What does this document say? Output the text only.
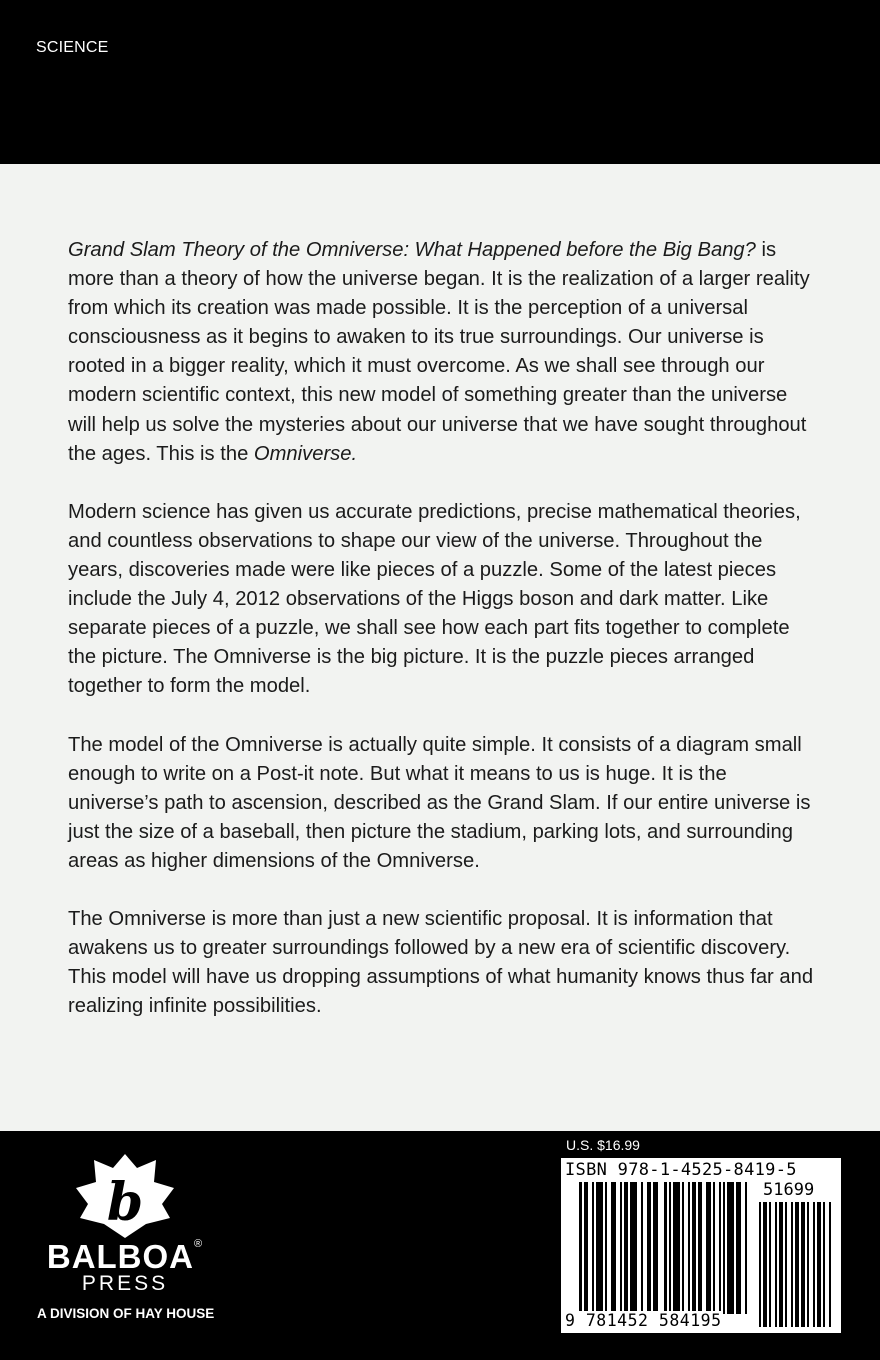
SCIENCE

Grand Slam Theory of the Omniverse: What Happened before the Big Bang? is more than a theory of how the universe began. It is the realization of a larger reality from which its creation was made possible. It is the perception of a universal consciousness as it begins to awaken to its true surroundings. Our universe is rooted in a bigger reality, which it must overcome. As we shall see through our modern scientific context, this new model of something greater than the universe will help us solve the mysteries about our universe that we have sought throughout the ages. This is the Omniverse.

Modern science has given us accurate predictions, precise mathematical theories, and countless observations to shape our view of the universe. Throughout the years, discoveries made were like pieces of a puzzle. Some of the latest pieces include the July 4, 2012 observations of the Higgs boson and dark matter. Like separate pieces of a puzzle, we shall see how each part fits together to complete the picture. The Omniverse is the big picture. It is the puzzle pieces arranged together to form the model.

The model of the Omniverse is actually quite simple. It consists of a diagram small enough to write on a Post-it note. But what it means to us is huge. It is the universe’s path to ascension, described as the Grand Slam. If our entire universe is just the size of a baseball, then picture the stadium, parking lots, and surrounding areas as higher dimensions of the Omniverse.

The Omniverse is more than just a new scientific proposal. It is information that awakens us to greater surroundings followed by a new era of scientific discovery. This model will have us dropping assumptions of what humanity knows thus far and realizing infinite possibilities.

b
BALBOA®
PRESS
A DIVISION OF HAY HOUSE
U.S. $16.99
ISBN 978-1-4525-8419-5
51699
9 781452 584195
